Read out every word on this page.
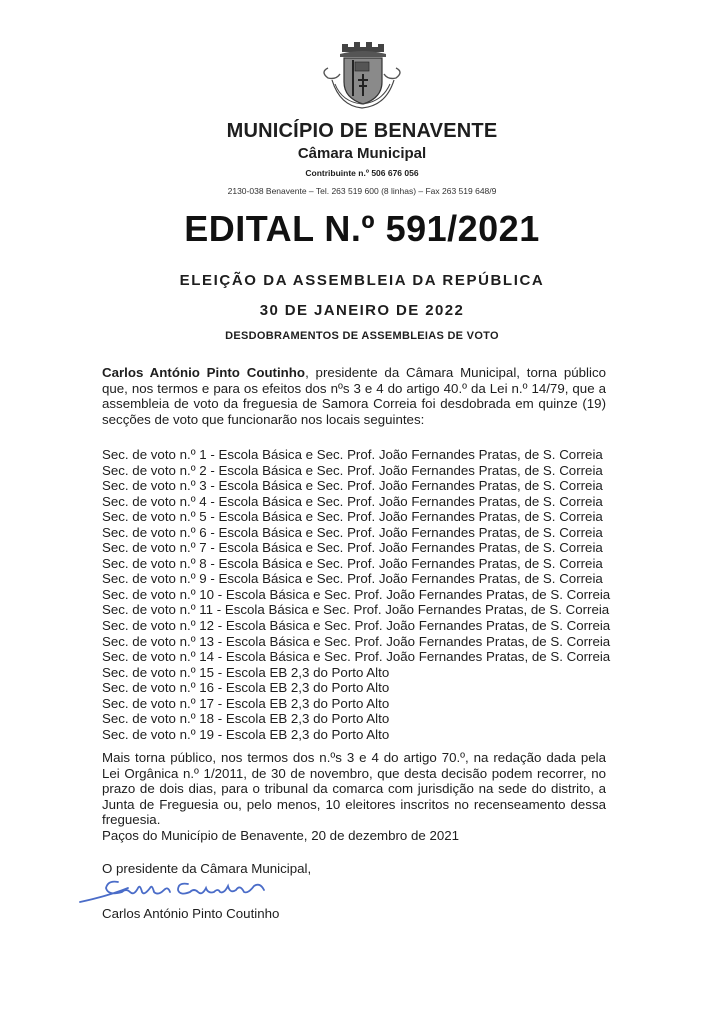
MUNICÍPIO DE BENAVENTE
Câmara Municipal
Contribuinte n.º 506 676 056
2130-038 Benavente – Tel. 263 519 600 (8 linhas) – Fax 263 519 648/9
EDITAL N.º 591/2021
ELEIÇÃO DA ASSEMBLEIA DA REPÚBLICA
30 DE JANEIRO DE 2022
DESDOBRAMENTOS DE ASSEMBLEIAS DE VOTO
Carlos António Pinto Coutinho, presidente da Câmara Municipal, torna público que, nos termos e para os efeitos dos nºs 3 e 4 do artigo 40.º da Lei n.º 14/79, que a assembleia de voto da freguesia de Samora Correia foi desdobrada em quinze (19) secções de voto que funcionarão nos locais seguintes:
Sec. de voto n.º 1 - Escola Básica e Sec. Prof. João Fernandes Pratas, de S. Correia
Sec. de voto n.º 2 - Escola Básica e Sec. Prof. João Fernandes Pratas, de S. Correia
Sec. de voto n.º 3 - Escola Básica e Sec. Prof. João Fernandes Pratas, de S. Correia
Sec. de voto n.º 4 - Escola Básica e Sec. Prof. João Fernandes Pratas, de S. Correia
Sec. de voto n.º 5 - Escola Básica e Sec. Prof. João Fernandes Pratas, de S. Correia
Sec. de voto n.º 6 - Escola Básica e Sec. Prof. João Fernandes Pratas, de S. Correia
Sec. de voto n.º 7 - Escola Básica e Sec. Prof. João Fernandes Pratas, de S. Correia
Sec. de voto n.º 8 - Escola Básica e Sec. Prof. João Fernandes Pratas, de S. Correia
Sec. de voto n.º 9 - Escola Básica e Sec. Prof. João Fernandes Pratas, de S. Correia
Sec. de voto n.º 10 - Escola Básica e Sec. Prof. João Fernandes Pratas, de S. Correia
Sec. de voto n.º 11 - Escola Básica e Sec. Prof. João Fernandes Pratas, de S. Correia
Sec. de voto n.º 12 - Escola Básica e Sec. Prof. João Fernandes Pratas, de S. Correia
Sec. de voto n.º 13 - Escola Básica e Sec. Prof. João Fernandes Pratas, de S. Correia
Sec. de voto n.º 14 - Escola Básica e Sec. Prof. João Fernandes Pratas, de S. Correia
Sec. de voto n.º 15 - Escola EB 2,3 do Porto Alto
Sec. de voto n.º 16 - Escola EB 2,3 do Porto Alto
Sec. de voto n.º 17 - Escola EB 2,3 do Porto Alto
Sec. de voto n.º 18 - Escola EB 2,3 do Porto Alto
Sec. de voto n.º 19 - Escola EB 2,3 do Porto Alto
Mais torna público, nos termos dos n.ºs 3 e 4 do artigo 70.º, na redação dada pela Lei Orgânica n.º 1/2011, de 30 de novembro, que desta decisão podem recorrer, no prazo de dois dias, para o tribunal da comarca com jurisdição na sede do distrito, a Junta de Freguesia ou, pelo menos, 10 eleitores inscritos no recenseamento dessa freguesia.
Paços do Município de Benavente, 20 de dezembro de 2021
O presidente da Câmara Municipal,
Carlos António Pinto Coutinho
